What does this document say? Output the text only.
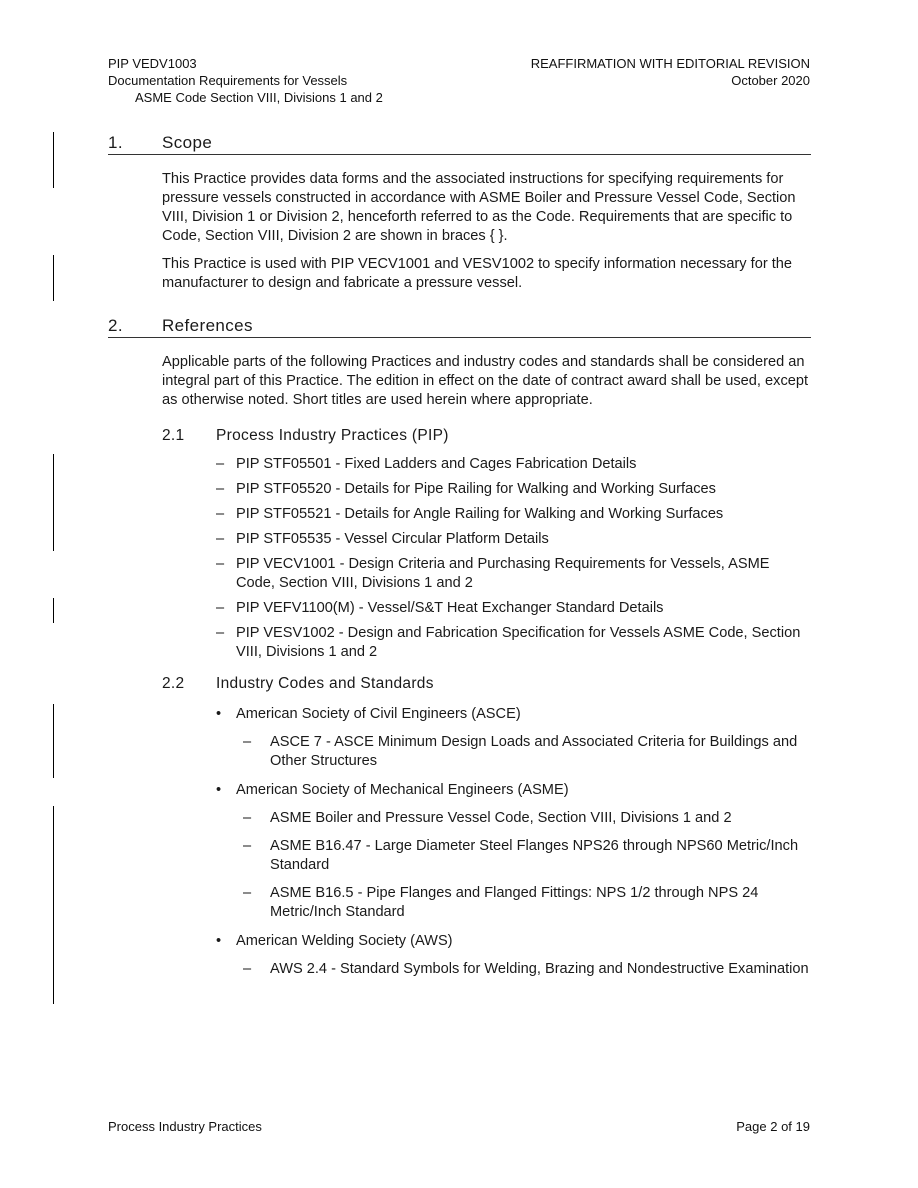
PIP VEDV1003
Documentation Requirements for Vessels
ASME Code Section VIII, Divisions 1 and 2
REAFFIRMATION WITH EDITORIAL REVISION
October 2020
1. Scope
This Practice provides data forms and the associated instructions for specifying requirements for pressure vessels constructed in accordance with ASME Boiler and Pressure Vessel Code, Section VIII, Division 1 or Division 2, henceforth referred to as the Code. Requirements that are specific to Code, Section VIII, Division 2 are shown in braces { }.
This Practice is used with PIP VECV1001 and VESV1002 to specify information necessary for the manufacturer to design and fabricate a pressure vessel.
2. References
Applicable parts of the following Practices and industry codes and standards shall be considered an integral part of this Practice. The edition in effect on the date of contract award shall be used, except as otherwise noted. Short titles are used herein where appropriate.
2.1 Process Industry Practices (PIP)
– PIP STF05501 - Fixed Ladders and Cages Fabrication Details
– PIP STF05520 - Details for Pipe Railing for Walking and Working Surfaces
– PIP STF05521 - Details for Angle Railing for Walking and Working Surfaces
– PIP STF05535 - Vessel Circular Platform Details
– PIP VECV1001 - Design Criteria and Purchasing Requirements for Vessels, ASME Code, Section VIII, Divisions 1 and 2
– PIP VEFV1100(M) - Vessel/S&T Heat Exchanger Standard Details
– PIP VESV1002 - Design and Fabrication Specification for Vessels ASME Code, Section VIII, Divisions 1 and 2
2.2 Industry Codes and Standards
• American Society of Civil Engineers (ASCE)
– ASCE 7 - ASCE Minimum Design Loads and Associated Criteria for Buildings and Other Structures
• American Society of Mechanical Engineers (ASME)
– ASME Boiler and Pressure Vessel Code, Section VIII, Divisions 1 and 2
– ASME B16.47 - Large Diameter Steel Flanges NPS26 through NPS60 Metric/Inch Standard
– ASME B16.5 - Pipe Flanges and Flanged Fittings: NPS 1/2 through NPS 24 Metric/Inch Standard
• American Welding Society (AWS)
– AWS 2.4 - Standard Symbols for Welding, Brazing and Nondestructive Examination
Process Industry Practices	Page 2 of 19
